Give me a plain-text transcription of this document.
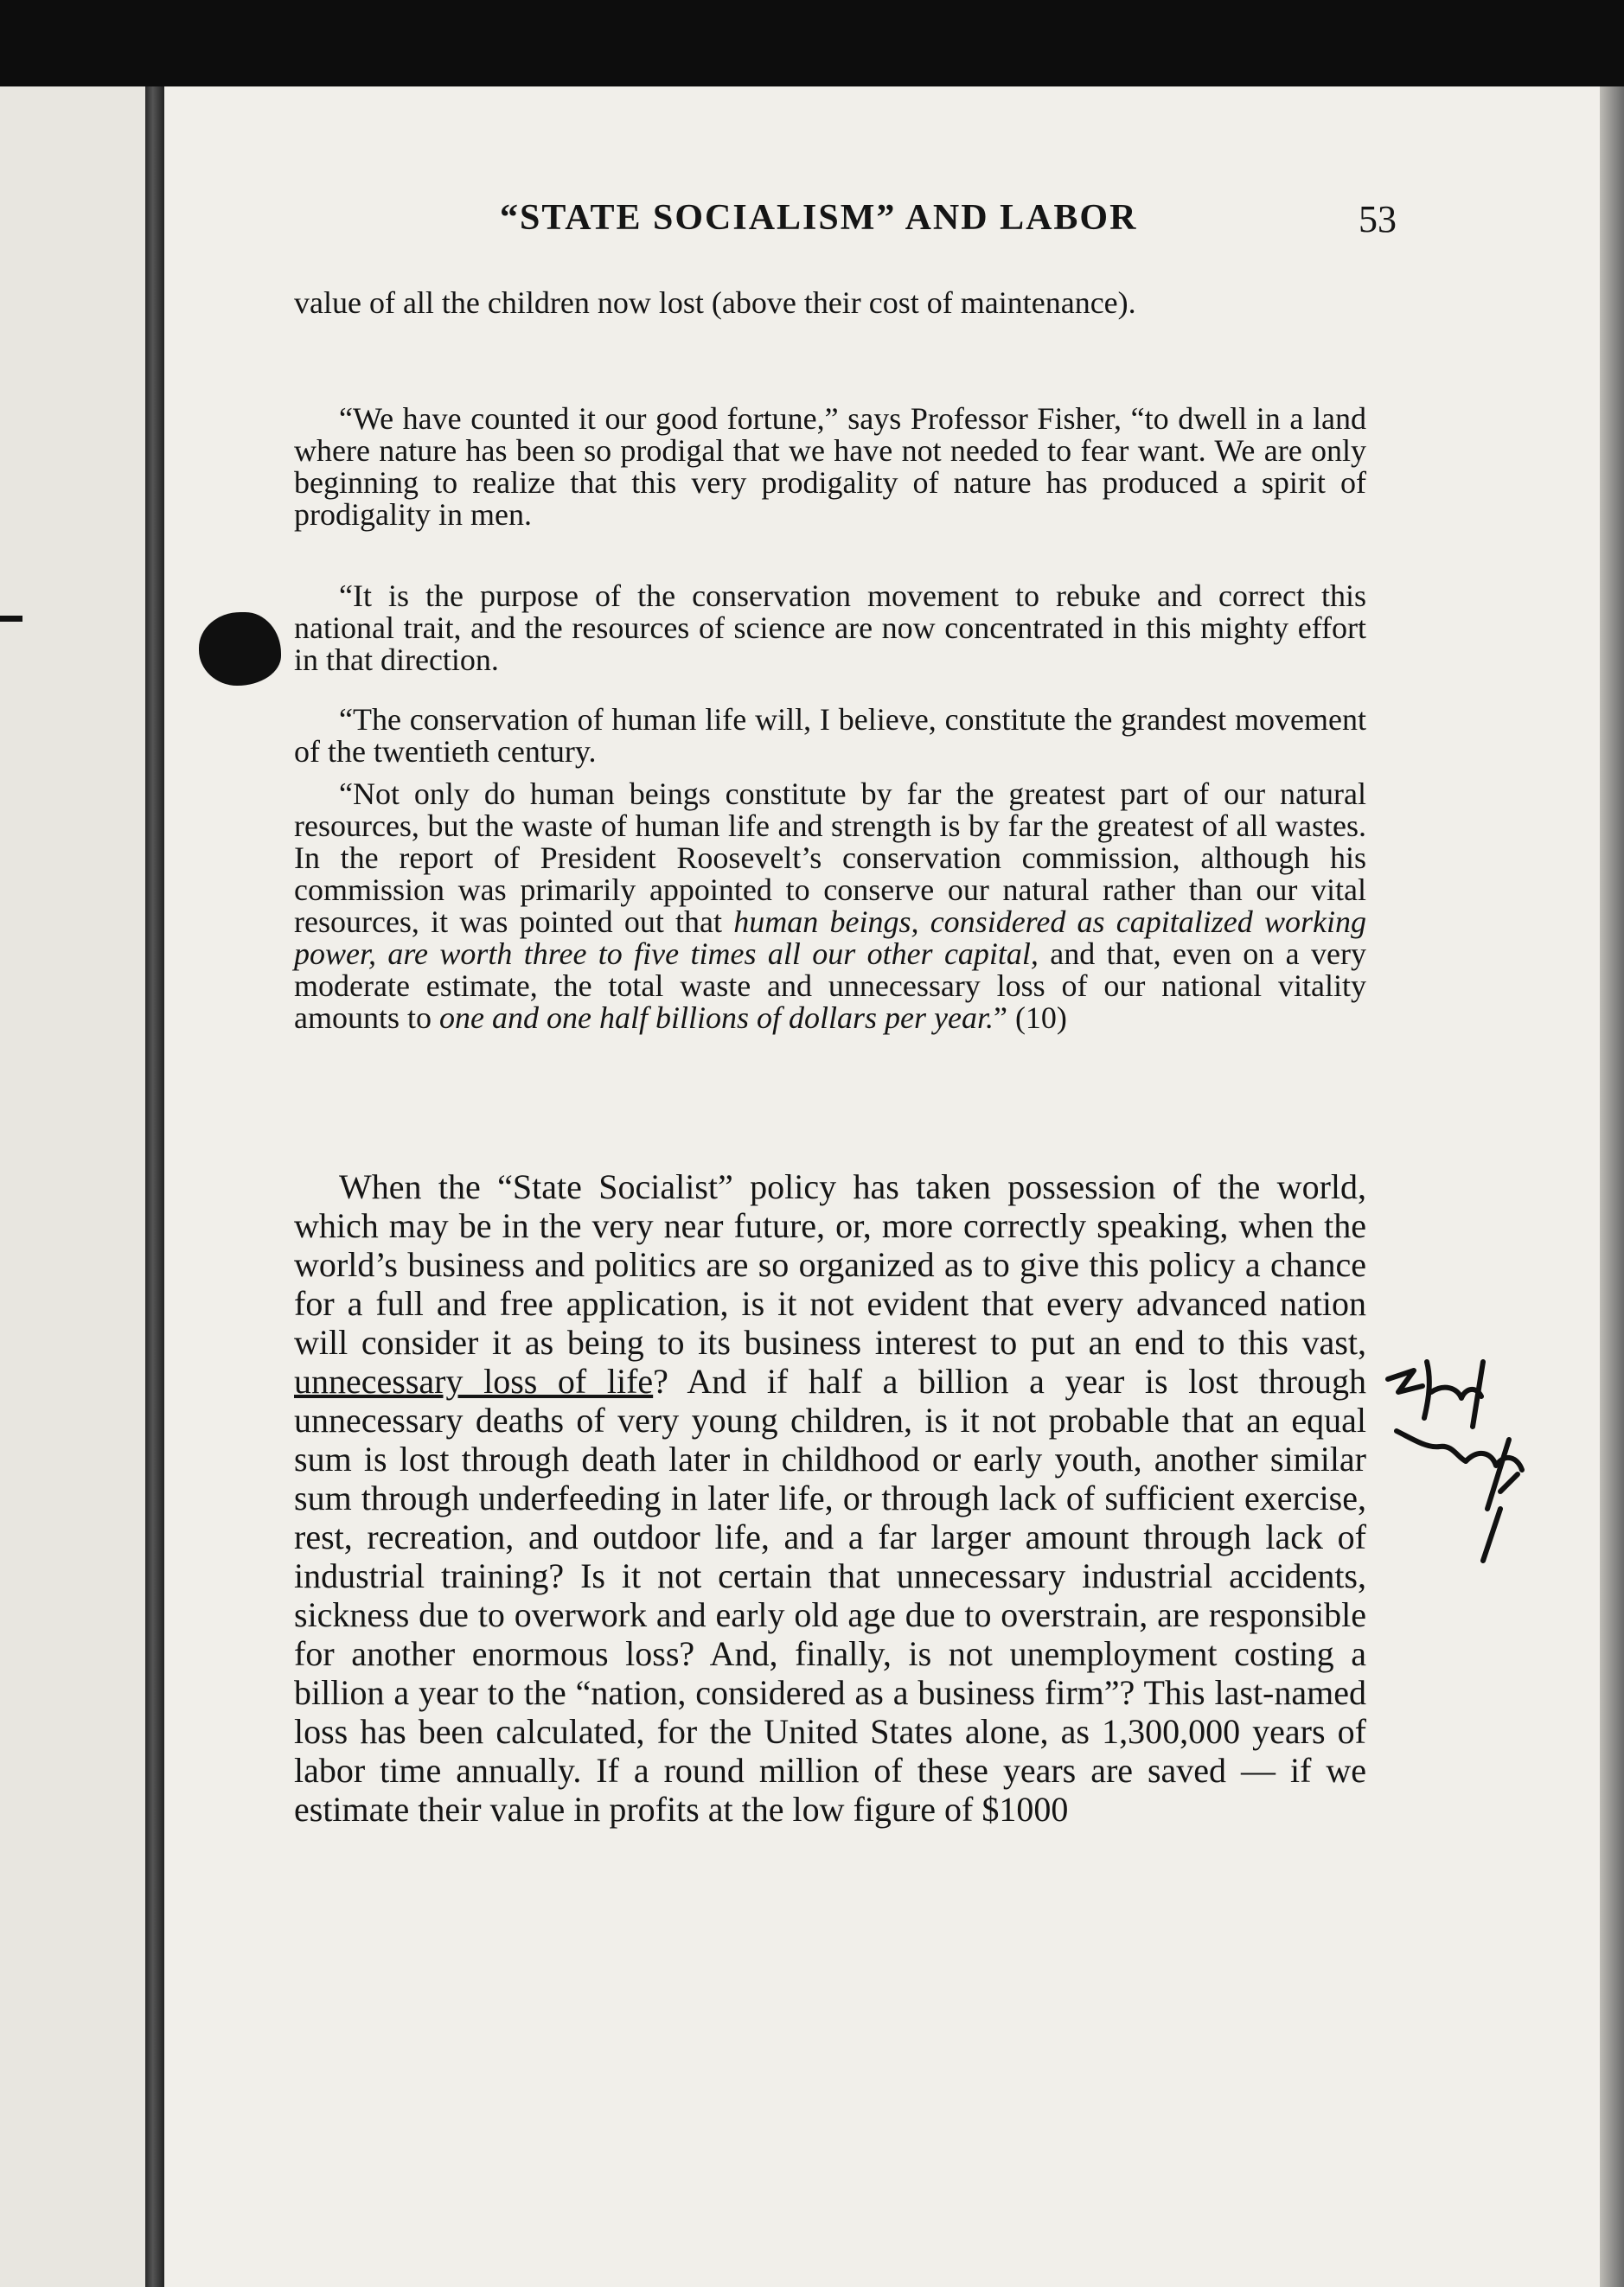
“STATE SOCIALISM” AND LABOR	53

value of all the children now lost (above their cost of maintenance).

“We have counted it our good fortune,” says Professor Fisher, “to dwell in a land where nature has been so prodigal that we have not needed to fear want. We are only beginning to realize that this very prodigality of nature has produced a spirit of prodigality in men.

“It is the purpose of the conservation movement to rebuke and correct this national trait, and the resources of science are now concentrated in this mighty effort in that direction.

“The conservation of human life will, I believe, constitute the grandest movement of the twentieth century.

“Not only do human beings constitute by far the greatest part of our natural resources, but the waste of human life and strength is by far the greatest of all wastes. In the report of President Roosevelt’s conservation commission, although his commission was primarily appointed to conserve our natural rather than our vital resources, it was pointed out that human beings, considered as capitalized working power, are worth three to five times all our other capital, and that, even on a very moderate estimate, the total waste and unnecessary loss of our national vitality amounts to one and one half billions of dollars per year.” (10)

When the “State Socialist” policy has taken possession of the world, which may be in the very near future, or, more correctly speaking, when the world’s business and politics are so organized as to give this policy a chance for a full and free application, is it not evident that every advanced nation will consider it as being to its business interest to put an end to this vast, unnecessary loss of life? And if half a billion a year is lost through unnecessary deaths of very young children, is it not probable that an equal sum is lost through death later in childhood or early youth, another similar sum through underfeeding in later life, or through lack of sufficient exercise, rest, recreation, and outdoor life, and a far larger amount through lack of industrial training? Is it not certain that unnecessary industrial accidents, sickness due to overwork and early old age due to overstrain, are responsible for another enormous loss? And, finally, is not unemployment costing a billion a year to the “nation, considered as a business firm”? This last-named loss has been calculated, for the United States alone, as 1,300,000 years of labor time annually. If a round million of these years are saved — if we estimate their value in profits at the low figure of $1000
